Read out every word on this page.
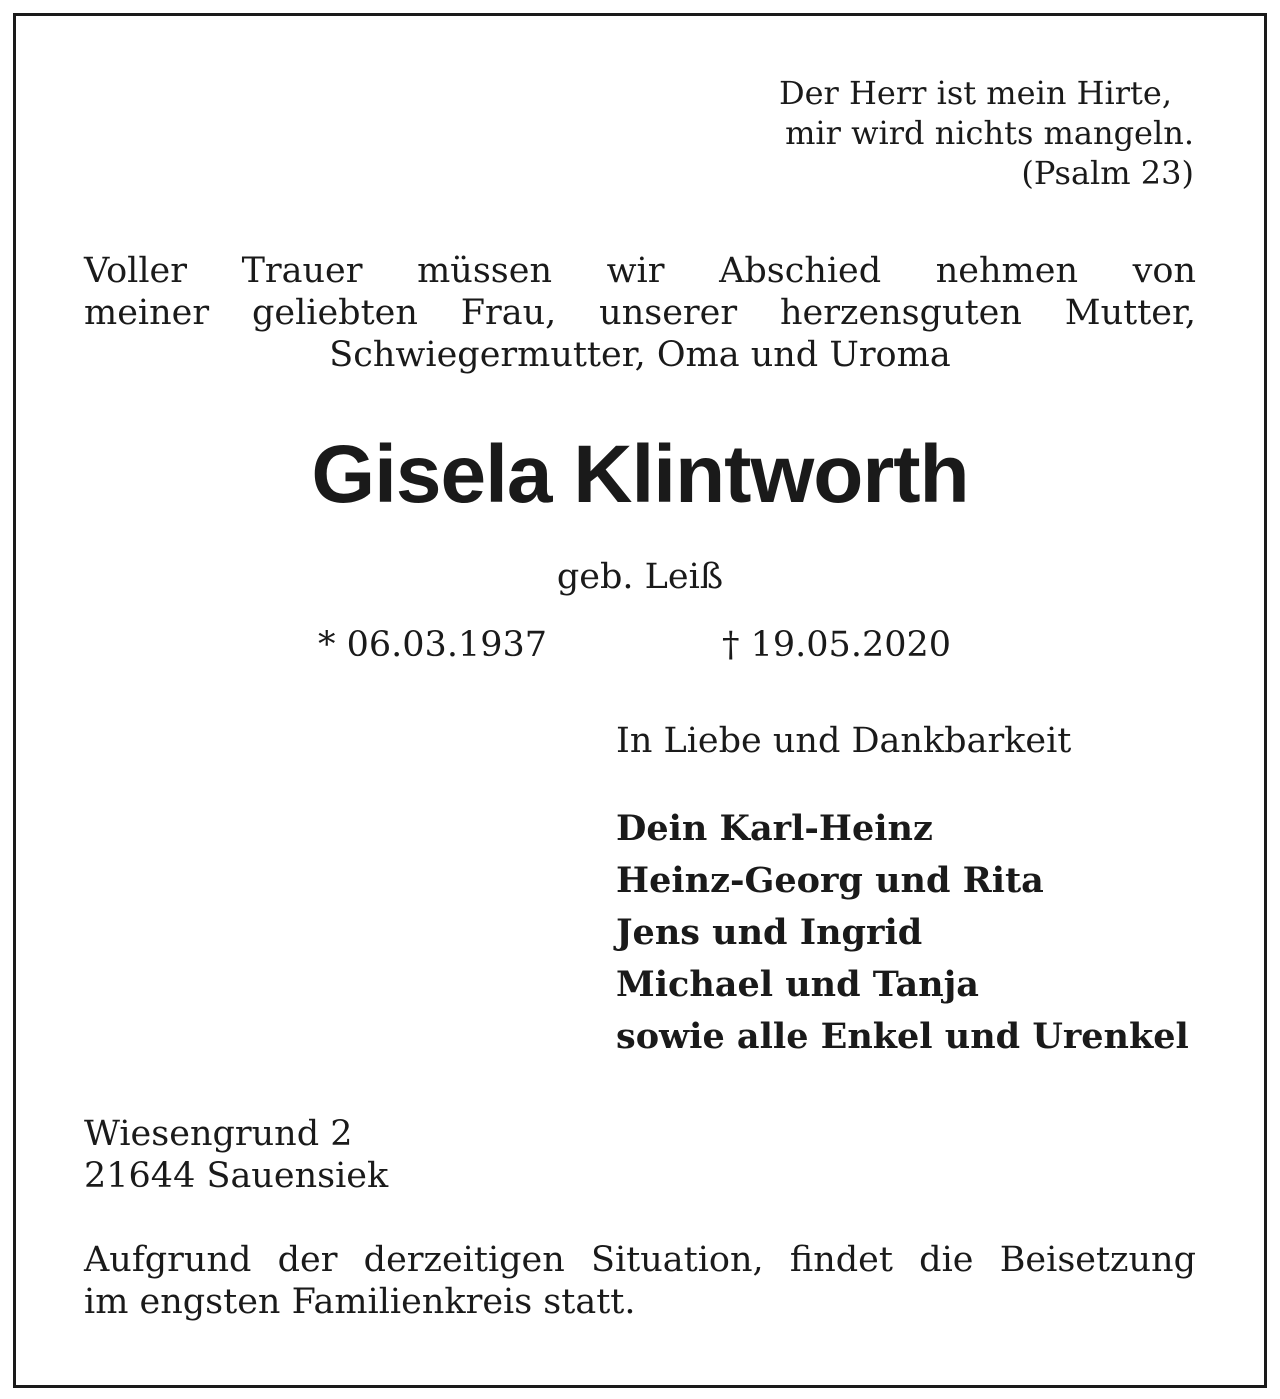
Der Herr ist mein Hirte,
mir wird nichts mangeln.
(Psalm 23)
Voller Trauer müssen wir Abschied nehmen von
meiner geliebten Frau, unserer herzensguten Mutter,
Schwiegermutter, Oma und Uroma
Gisela Klintworth
geb. Leiß
* 06.03.1937	† 19.05.2020
In Liebe und Dankbarkeit
Dein Karl-Heinz
Heinz-Georg und Rita
Jens und Ingrid
Michael und Tanja
sowie alle Enkel und Urenkel
Wiesengrund 2
21644 Sauensiek
Aufgrund der derzeitigen Situation, findet die Beisetzung
im engsten Familienkreis statt.
